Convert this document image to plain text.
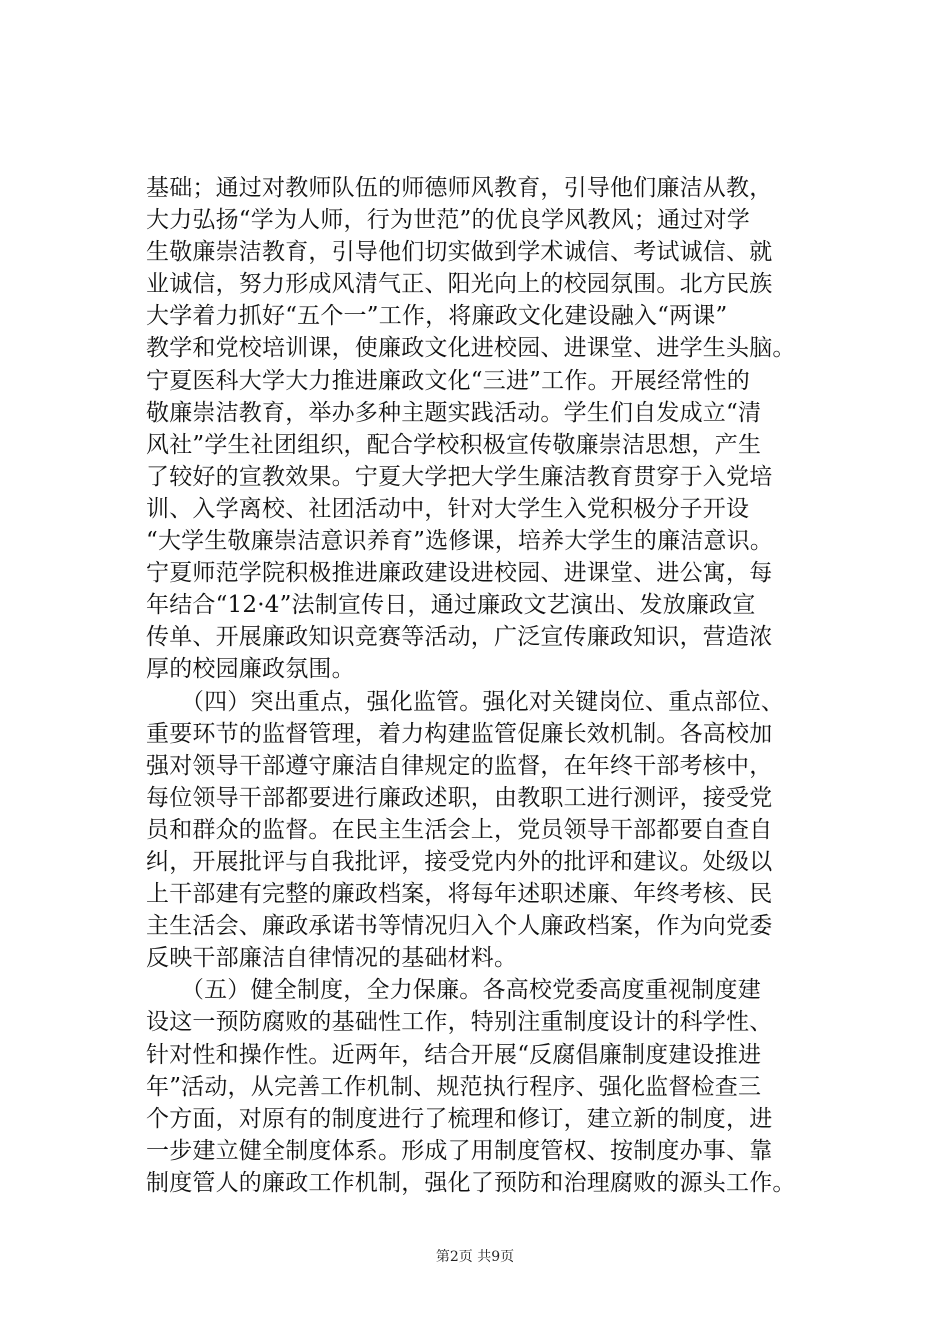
基础；通过对教师队伍的师德师风教育，引导他们廉洁从教，
大力弘扬“学为人师，行为世范”的优良学风教风；通过对学
生敬廉崇洁教育，引导他们切实做到学术诚信、考试诚信、就
业诚信，努力形成风清气正、阳光向上的校园氛围。北方民族
大学着力抓好“五个一”工作，将廉政文化建设融入“两课”
教学和党校培训课，使廉政文化进校园、进课堂、进学生头脑。
宁夏医科大学大力推进廉政文化“三进”工作。开展经常性的
敬廉崇洁教育，举办多种主题实践活动。学生们自发成立“清
风社”学生社团组织，配合学校积极宣传敬廉崇洁思想，产生
了较好的宣教效果。宁夏大学把大学生廉洁教育贯穿于入党培
训、入学离校、社团活动中，针对大学生入党积极分子开设
“大学生敬廉崇洁意识养育”选修课，培养大学生的廉洁意识。
宁夏师范学院积极推进廉政建设进校园、进课堂、进公寓，每
年结合“12·4”法制宣传日，通过廉政文艺演出、发放廉政宣
传单、开展廉政知识竞赛等活动，广泛宣传廉政知识，营造浓
厚的校园廉政氛围。
　　（四）突出重点，强化监管。强化对关键岗位、重点部位、
重要环节的监督管理，着力构建监管促廉长效机制。各高校加
强对领导干部遵守廉洁自律规定的监督，在年终干部考核中，
每位领导干部都要进行廉政述职，由教职工进行测评，接受党
员和群众的监督。在民主生活会上，党员领导干部都要自查自
纠，开展批评与自我批评，接受党内外的批评和建议。处级以
上干部建有完整的廉政档案，将每年述职述廉、年终考核、民
主生活会、廉政承诺书等情况归入个人廉政档案，作为向党委
反映干部廉洁自律情况的基础材料。
　　（五）健全制度，全力保廉。各高校党委高度重视制度建
设这一预防腐败的基础性工作，特别注重制度设计的科学性、
针对性和操作性。近两年，结合开展“反腐倡廉制度建设推进
年”活动，从完善工作机制、规范执行程序、强化监督检查三
个方面，对原有的制度进行了梳理和修订，建立新的制度，进
一步建立健全制度体系。形成了用制度管权、按制度办事、靠
制度管人的廉政工作机制，强化了预防和治理腐败的源头工作。
第2页 共9页
